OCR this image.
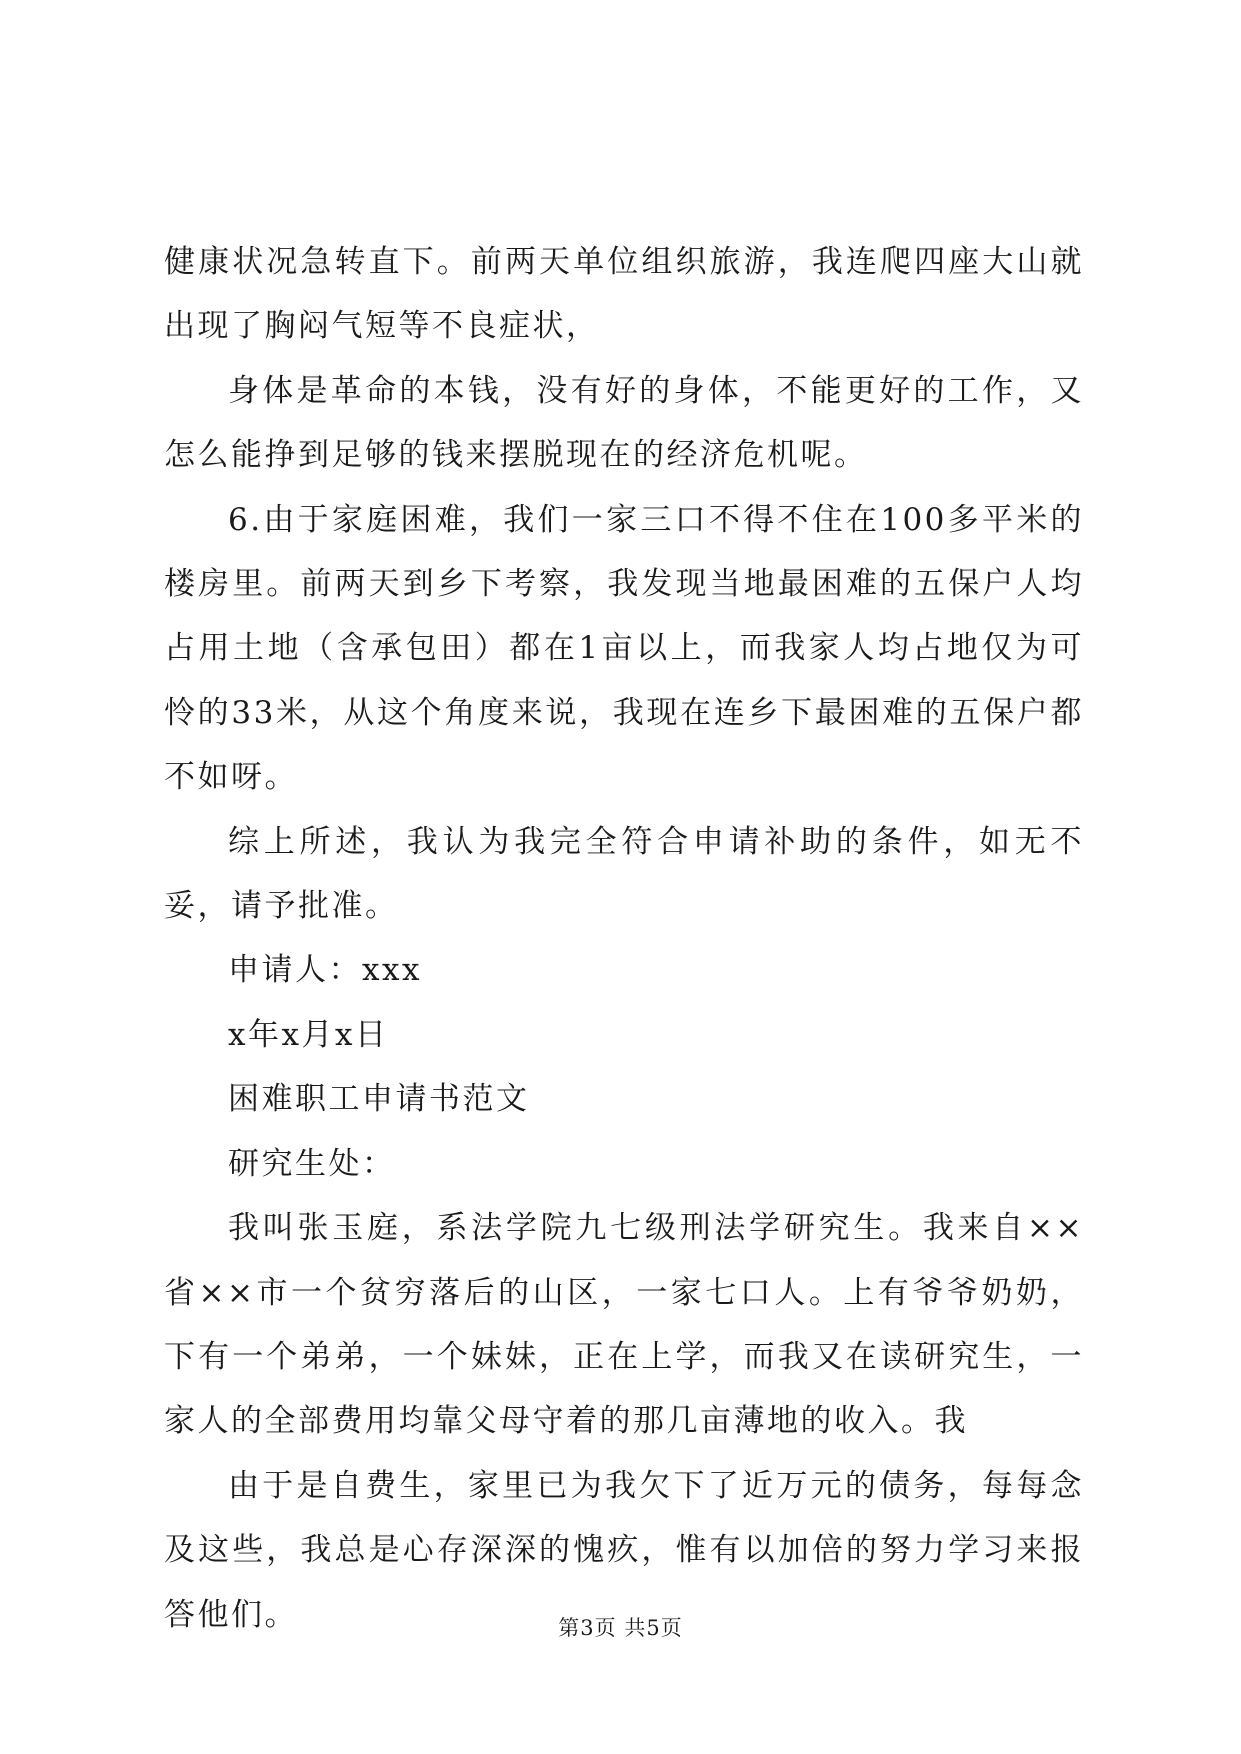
健康状况急转直下。前两天单位组织旅游，我连爬四座大山就出现了胸闷气短等不良症状，

身体是革命的本钱，没有好的身体，不能更好的工作，又怎么能挣到足够的钱来摆脱现在的经济危机呢。

6.由于家庭困难，我们一家三口不得不住在100多平米的楼房里。前两天到乡下考察，我发现当地最困难的五保户人均占用土地（含承包田）都在1亩以上，而我家人均占地仅为可怜的33米，从这个角度来说，我现在连乡下最困难的五保户都不如呀。

综上所述，我认为我完全符合申请补助的条件，如无不妥，请予批准。

申请人：xxx

x年x月x日

困难职工申请书范文

研究生处：

我叫张玉庭，系法学院九七级刑法学研究生。我来自××省××市一个贫穷落后的山区，一家七口人。上有爷爷奶奶，下有一个弟弟，一个妹妹，正在上学，而我又在读研究生，一家人的全部费用均靠父母守着的那几亩薄地的收入。我

由于是自费生，家里已为我欠下了近万元的债务，每每念及这些，我总是心存深深的愧疚，惟有以加倍的努力学习来报答他们。	第3页 共5页
